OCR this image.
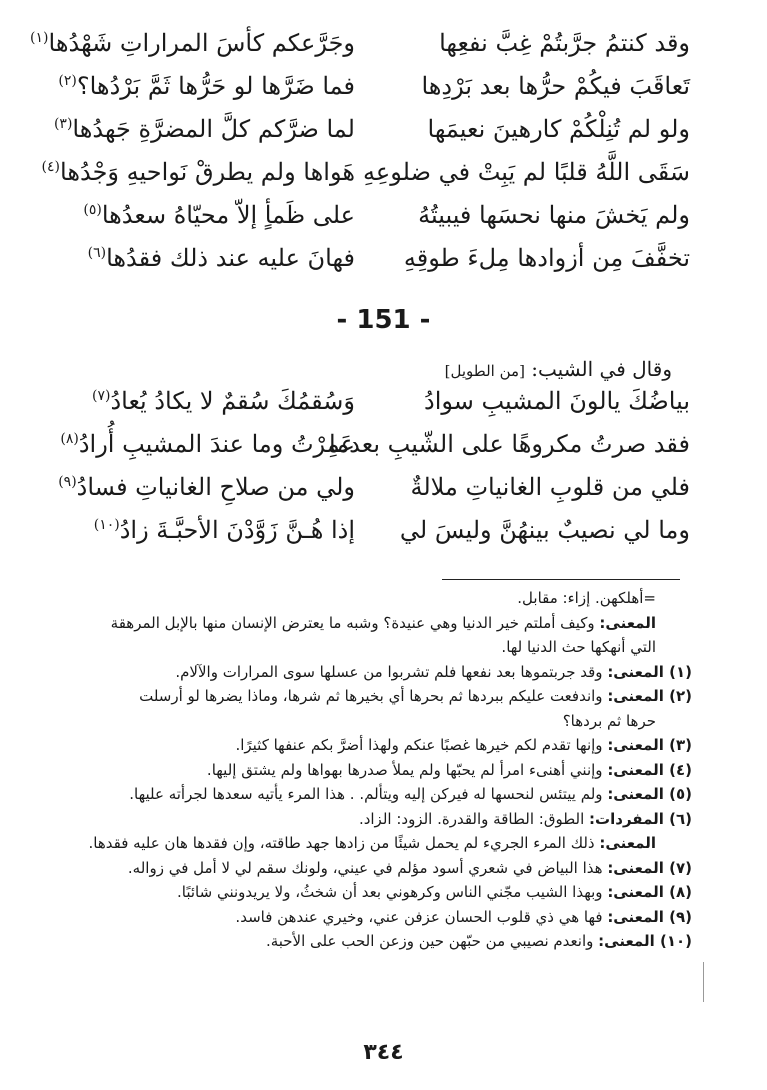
وقد كنتمُ جرَّبتُمْ غِبَّ نفعِها
وجَرَّعكم كأسَ المراراتِ شَهْدُها$^{(١)}$
تَعاقَبَ فيكُمْ حرُّها بعد بَرْدِها
فما ضَرَّها لو حَرُّها ثَمَّ بَرْدُها؟$^{(٢)}$
ولو لم تُنِلْكُمْ كارهينَ نعيمَها
لما ضرَّكم كلَّ المضرَّةِ جَهدُها$^{(٣)}$
سَقَى اللَّهُ قلبًا لم يَبِتْ في ضلوعِهِ
هَواها ولم يطرقْ نَواحيهِ وَجْدُها$^{(٤)}$
ولم يَخشَ منها نحسَها فيبيتُهُ
على ظَمأٍ إلاّ محيّاهُ سعدُها$^{(٥)}$
تخفَّفَ مِن أزوادها مِلءَ طوقِهِ
فهانَ عليه عند ذلك فقدُها$^{(٦)}$
- 151 -
وقال في الشيب: [من الطويل]
بياضُكَ يالونَ المشيبِ سوادُ
وَسُقمُكَ سُقمٌ لا يكادُ يُعادُ$^{(٧)}$
فقد صرتُ مكروهًا على الشّيبِ بعدما
عَمِرْتُ وما عندَ المشيبِ أُرادُ$^{(٨)}$
فلي من قلوبِ الغانياتِ ملالةٌ
ولي من صلاحِ الغانياتِ فسادُ$^{(٩)}$
وما لي نصيبٌ بينهُنَّ وليسَ لي
إذا هُـنَّ زَوَّدْنَ الأحبَّـةَ زادُ$^{(١٠)}$

=أهلكهن. إزاء: مقابل.

المعنى: وكيف أملتم خير الدنيا وهي عنيدة؟ وشبه ما يعترض الإنسان منها بالإبل المرهقة

التي أنهكها حث الدنيا لها.

(١) المعنى: وقد جربتموها بعد نفعها فلم تشربوا من عسلها سوى المرارات والآلام.

(٢) المعنى: واندفعت عليكم ببردها ثم بحرها أي بخيرها ثم شرها، وماذا يضرها لو أرسلت

حرها ثم بردها؟

(٣) المعنى: وإنها تقدم لكم خيرها غصبًا عنكم ولهذا أضرَّ بكم عنفها كثيرًا.

(٤) المعنى: وإنني أهنىء امرأ لم يحبّها ولم يملأ صدرها بهواها ولم يشتق إليها.

(٥) المعنى: ولم ييتئس لنحسها له فيركن إليه ويتألم. . هذا المرء يأتيه سعدها لجرأته عليها.

(٦) المفردات: الطوق: الطاقة والقدرة. الزود: الزاد.

المعنى: ذلك المرء الجريء لم يحمل شيئًا من زادها جهد طاقته، وإن فقدها هان عليه فقدها.

(٧) المعنى: هذا البياض في شعري أسود مؤلم في عيني، ولونك سقم لي لا أمل في زواله.

(٨) المعنى: وبهذا الشيب مجّني الناس وكرهوني بعد أن شخثُ، ولا يريدونني شائبًا.

(٩) المعنى: فها هي ذي قلوب الحسان عزفن عني، وخيري عندهن فاسد.

(١٠) المعنى: وانعدم نصيبي من حبّهن حين وزعن الحب على الأحبة.

٣٤٤
